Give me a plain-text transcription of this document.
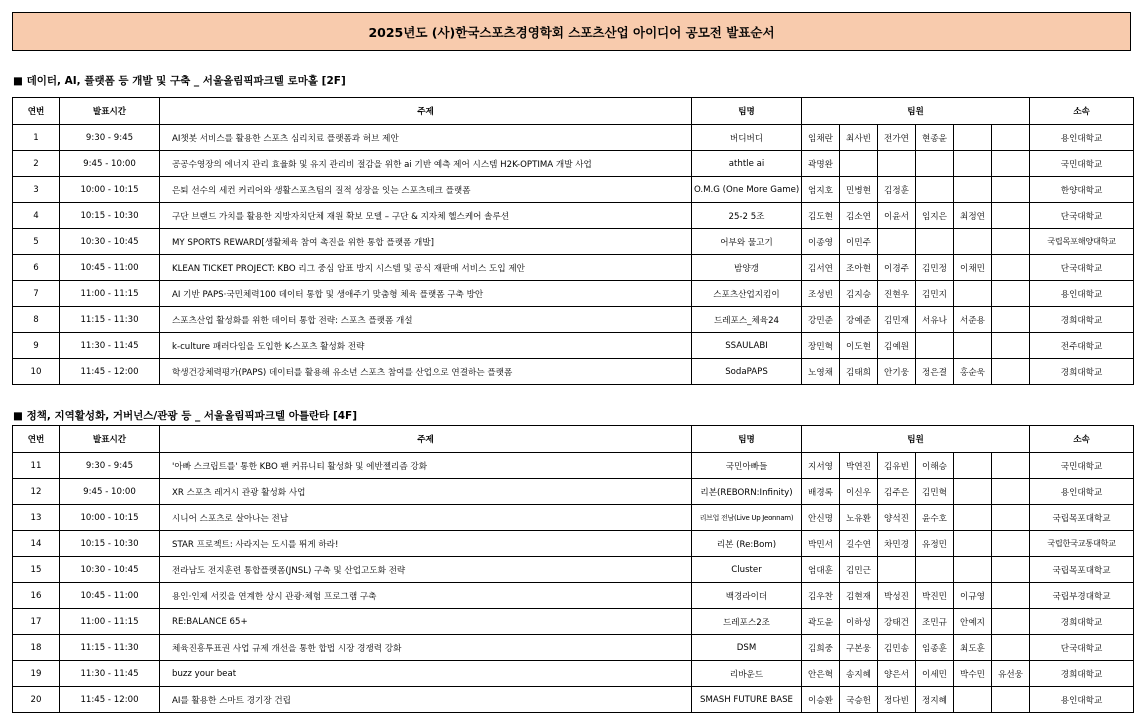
2025년도 (사)한국스포츠경영학회 스포츠산업 아이디어 공모전 발표순서
■ 데이터, AI, 플랫폼 등 개발 및 구축 _ 서울올림픽파크텔 로마홀 [2F]
연번	발표시간	주제	팀명	팀원						소속
1	9:30 - 9:45	AI챗봇 서비스를 활용한 스포츠 심리치료 플랫폼과 허브 제안	버디버디	임채란	최사빈	전가연	현종윤			용인대학교
2	9:45 - 10:00	공공수영장의 에너지 관리 효율화 및 유지 관리비 절감을 위한 ai 기반 예측 제어 시스템 H2K-OPTIMA 개발 사업	athtle ai	곽명완						국민대학교
3	10:00 - 10:15	은퇴 선수의 세컨 커리어와 생활스포츠팀의 질적 성장을 잇는 스포츠테크 플랫폼	O.M.G (One More Game)	엄지호	민병현	김정훈				한양대학교
4	10:15 - 10:30	구단 브랜드 가치를 활용한 지방자치단체 재원 확보 모델 – 구단 & 지자체 헬스케어 솔루션	25-2 5조	김도현	김소연	이윤서	임지은	최정연		단국대학교
5	10:30 - 10:45	MY SPORTS REWARD[생활체육 참여 촉진을 위한 통합 플랫폼 개발]	어부와 물고기	이종영	이민주					국립목포해양대학교
6	10:45 - 11:00	KLEAN TICKET PROJECT: KBO 리그 중심 암표 방지 시스템 및 공식 재판매 서비스 도입 제안	밤양갱	김서연	조아현	이경주	김민정	이채민		단국대학교
7	11:00 - 11:15	AI 기반 PAPS·국민체력100 데이터 통합 및 생애주기 맞춤형 체육 플랫폼 구축 방안	스포츠산업지킴이	조성빈	김지승	진현우	김민지			용인대학교
8	11:15 - 11:30	스포츠산업 활성화를 위한 데이터 통합 전략: 스포츠 플랫폼 개설	드레포스_체육24	강민준	강예준	김민재	서유나	서준용		경희대학교
9	11:30 - 11:45	k-culture 패러다임을 도입한 K-스포츠 활성화 전략	SSAULABI	장민혁	이도현	김예원				전주대학교
10	11:45 - 12:00	학생건강체력평가(PAPS) 데이터를 활용해 유소년 스포츠 참여를 산업으로 연결하는 플랫폼	SodaPAPS	노영채	김태희	안기웅	정은결	홍순욱		경희대학교
■ 정책, 지역활성화, 거버넌스/관광 등 _ 서울올림픽파크텔 아틀란타 [4F]
연번	발표시간	주제	팀명	팀원						소속
11	9:30 - 9:45	'아빠 스크립트를' 통한 KBO 팬 커뮤니티 활성화 및 에반젤리즘 강화	국민아빠들	지서영	박연진	김유빈	이해승			국민대학교
12	9:45 - 10:00	XR 스포츠 레거시 관광 활성화 사업	리본(REBORN:Infinity)	배경록	이신우	김주은	김민혁			용인대학교
13	10:00 - 10:15	시니어 스포츠로 살아나는 전남	리브업 전남(Live Up Jeonnam)	안신명	노유환	양석진	윤수호			국립목포대학교
14	10:15 - 10:30	STAR 프로젝트: 사라지는 도시를 뛰게 하라!	리본 (Re:Bom)	박민서	길수연	차민경	유정민			국립한국교통대학교
15	10:30 - 10:45	전라남도 전지훈련 통합플랫폼(JNSL) 구축 및 산업고도화 전략	Cluster	엄대훈	김민근					국립목포대학교
16	10:45 - 11:00	용인·인제 서킷을 연계한 상시 관광·체험 프로그램 구축	백경라이더	김우찬	김현재	박성진	박진민	이규영		국립부경대학교
17	11:00 - 11:15	RE:BALANCE 65+	드레포스2조	곽도윤	이하성	강태건	조민규	안예지		경희대학교
18	11:15 - 11:30	체육진흥투표권 사업 규제 개선을 통한 합법 시장 경쟁력 강화	DSM	김희중	구본웅	김민송	임종훈	최도훈		단국대학교
19	11:30 - 11:45	buzz your beat	리바운드	안은혁	송지혜	양은서	이세민	박수민	유선웅	경희대학교
20	11:45 - 12:00	AI를 활용한 스마트 경기장 건립	SMASH FUTURE BASE	이승환	국승헌	정다빈	정지혜			용인대학교
